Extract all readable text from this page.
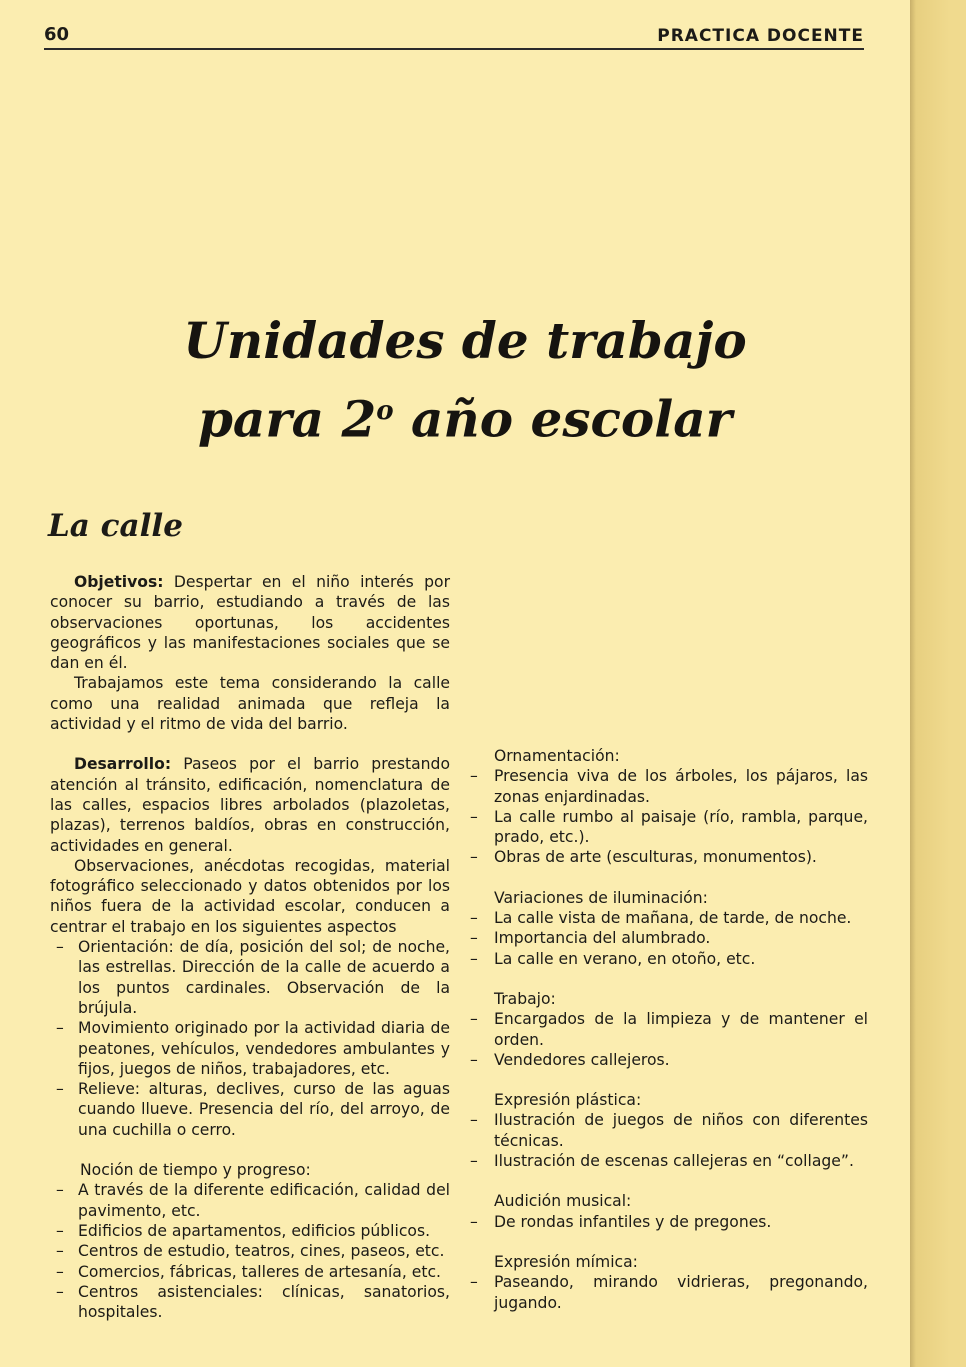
60	PRACTICA DOCENTE
Unidades de trabajo
para 2$^o$ año escolar
La calle

Objetivos: Despertar en el niño interés por conocer su barrio, estudiando a través de las observaciones oportunas, los accidentes geográficos y las manifestaciones sociales que se dan en él.

Trabajamos este tema considerando la calle como una realidad animada que refleja la actividad y el ritmo de vida del barrio.

Desarrollo: Paseos por el barrio prestando atención al tránsito, edificación, nomenclatura de las calles, espacios libres arbolados (plazoletas, plazas), terrenos baldíos, obras en construcción, actividades en general.

Observaciones, anécdotas recogidas, material fotográfico seleccionado y datos obtenidos por los niños fuera de la actividad escolar, conducen a centrar el trabajo en los siguientes aspectos

– Orientación: de día, posición del sol; de noche, las estrellas. Dirección de la calle de acuerdo a los puntos cardinales. Observación de la brújula.

– Movimiento originado por la actividad diaria de peatones, vehículos, vendedores ambulantes y fijos, juegos de niños, trabajadores, etc.

– Relieve: alturas, declives, curso de las aguas cuando llueve. Presencia del río, del arroyo, de una cuchilla o cerro.

Noción de tiempo y progreso:

– A través de la diferente edificación, calidad del pavimento, etc.

– Edificios de apartamentos, edificios públicos.

– Centros de estudio, teatros, cines, paseos, etc.

– Comercios, fábricas, talleres de artesanía, etc.

– Centros asistenciales: clínicas, sanatorios, hospitales.

Ornamentación:

– Presencia viva de los árboles, los pájaros, las zonas enjardinadas.

– La calle rumbo al paisaje (río, rambla, parque, prado, etc.).

– Obras de arte (esculturas, monumentos).

Variaciones de iluminación:

– La calle vista de mañana, de tarde, de noche.

– Importancia del alumbrado.

– La calle en verano, en otoño, etc.

Trabajo:

– Encargados de la limpieza y de mantener el orden.

– Vendedores callejeros.

Expresión plástica:

– Ilustración de juegos de niños con diferentes técnicas.

– Ilustración de escenas callejeras en “collage”.

Audición musical:

– De rondas infantiles y de pregones.

Expresión mímica:

– Paseando, mirando vidrieras, pregonando, jugando.
